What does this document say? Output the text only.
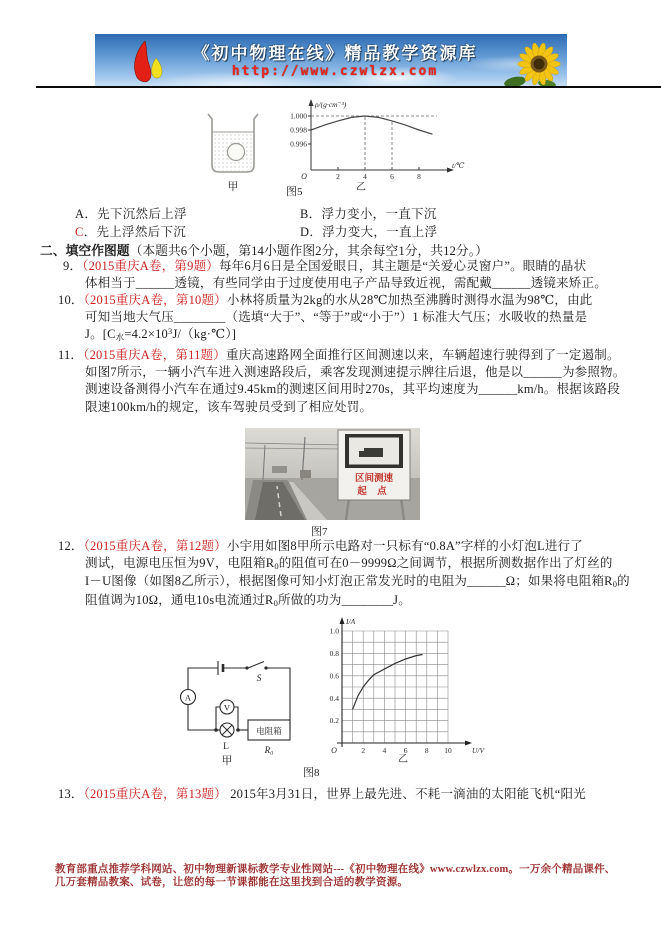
《初中物理在线》精品教学资源库
http://www.czwlzx.com
甲
1.000
0.998
0.996
2	4	6	8
O
ρ/(g·cm⁻³)
t/℃
乙
图5
A．先下沉然后上浮	B．浮力变小，一直下沉
C．先上浮然后下沉	D．浮力变大，一直上浮
二、填空作图题（本题共6个小题，第14小题作图2分，其余每空1分，共12分。）
9．（2015重庆A卷，第9题）每年6月6日是全国爱眼日，其主题是“关爱心灵窗户”。眼睛的晶状
体相当于______透镜，有些同学由于过度使用电子产品导致近视，需配戴______透镜来矫正。
10．（2015重庆A卷，第10题）小林将质量为2kg的水从28℃加热至沸腾时测得水温为98℃，由此
可知当地大气压________（选填“大于”、“等于”或“小于”）1 标准大气压；水吸收的热量是
J。[C水$=4.2\times 10^3J/(kg\cdot℃)$]
11．（2015重庆A卷，第11题）重庆高速路网全面推行区间测速以来，车辆超速行驶得到了一定遏制。
如图7所示，一辆小汽车进入测速路段后，乘客发现测速提示牌往后退，他是以______为参照物。
测速设备测得小汽车在通过9.45km的测速区间用时270s，其平均速度为______km/h。根据该路段
限速100km/h的规定，该车驾驶员受到了相应处罚。
区间测速
起 点
图7
12．（2015重庆A卷，第12题）小宇用如图8甲所示电路对一只标有“0.8A”字样的小灯泡L进行了
测试，电源电压恒为9V，电阻箱R0的阻值可在0－9999Ω之间调节，根据所测数据作出了灯丝的
I－U图像（如图8乙所示），根据图像可知小灯泡正常发光时的电阻为______Ω；如果将电阻箱R0的
阻值调为10Ω，通电10s电流通过R0所做的功为________J。
A
V
S
L
电阻箱
R₀
甲
0.2
0.4
0.6
0.8
1.0
2 4 6 8 10
O
I/A
U/V
乙
图8
13．（2015重庆A卷，第13题） 2015年3月31日，世界上最先进、不耗一滴油的太阳能飞机“阳光
教育部重点推荐学科网站、初中物理新课标教学专业性网站---《初中物理在线》www.czwlzx.com。一万余个精品课件、
几万套精品教案、试卷，让您的每一节课都能在这里找到合适的教学资源。
